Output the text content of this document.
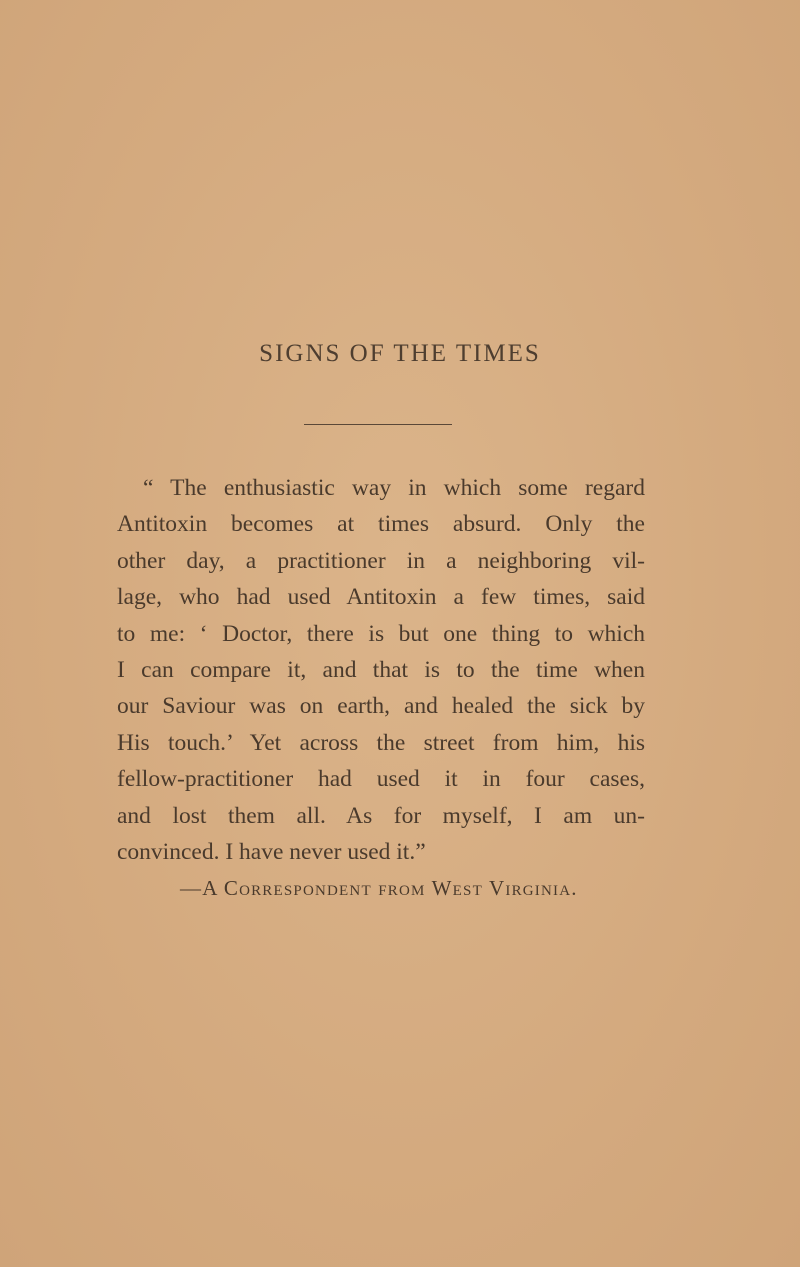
SIGNS OF THE TIMES

“ The enthusiastic way in which some regard
Antitoxin becomes at times absurd. Only the
other day, a practitioner in a neighboring vil-
lage, who had used Antitoxin a few times, said
to me: ‘ Doctor, there is but one thing to which
I can compare it, and that is to the time when
our Saviour was on earth, and healed the sick by
His touch.’ Yet across the street from him, his
fellow-practitioner had used it in four cases,
and lost them all. As for myself, I am un-
convinced. I have never used it.”

—A Correspondent from West Virginia.
